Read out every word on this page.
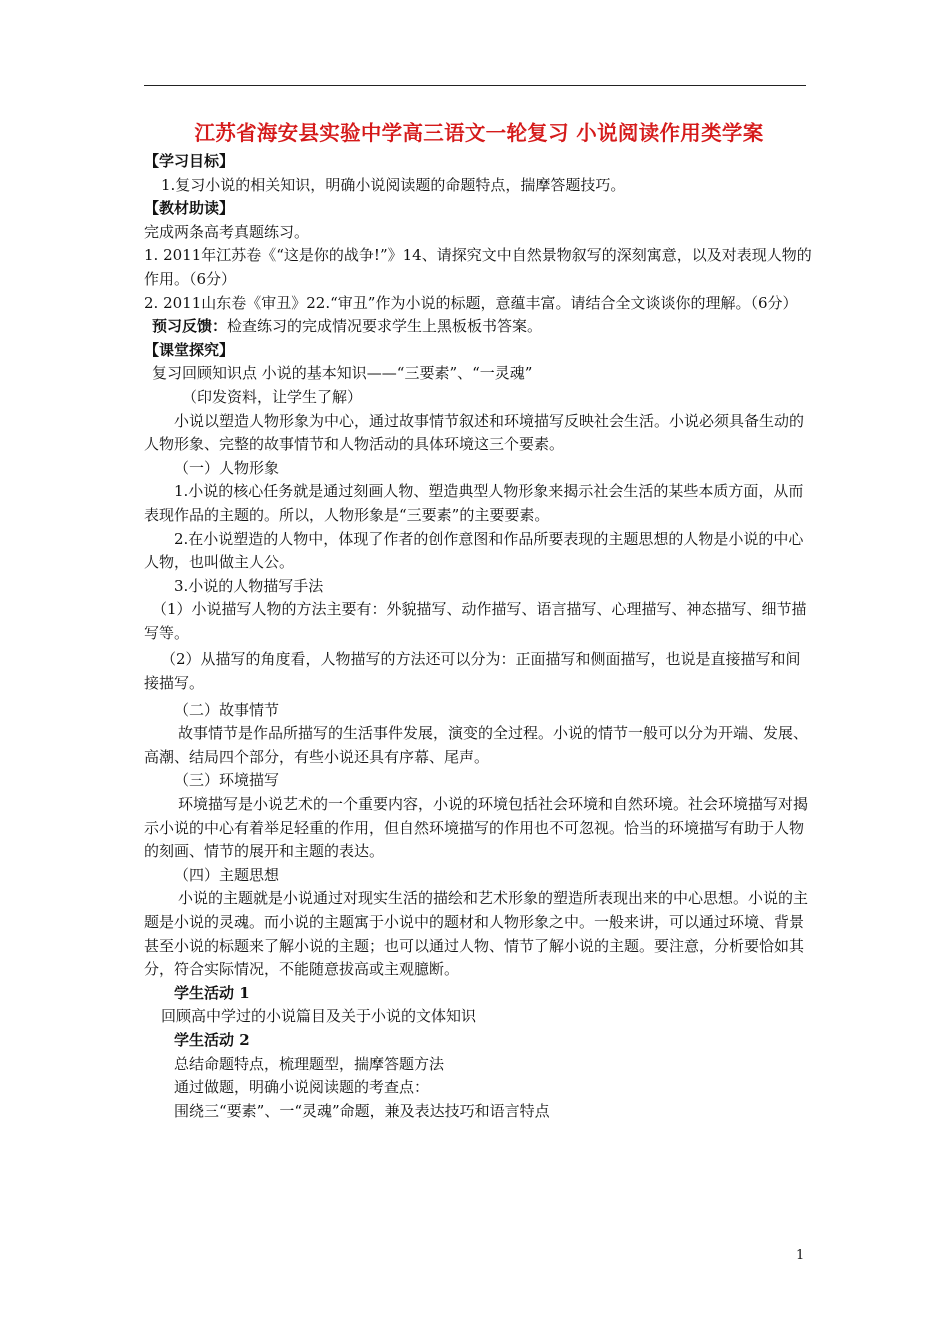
江苏省海安县实验中学高三语文一轮复习 小说阅读作用类学案

【学习目标】

1.复习小说的相关知识，明确小说阅读题的命题特点，揣摩答题技巧。

【教材助读】

完成两条高考真题练习。

1. 2011年江苏卷《“这是你的战争!”》14、请探究文中自然景物叙写的深刻寓意，以及对表现人物的作用。（6分）

2. 2011山东卷《审丑》22.“审丑”作为小说的标题，意蕴丰富。请结合全文谈谈你的理解。（6分）

预习反馈：检查练习的完成情况要求学生上黑板板书答案。

【课堂探究】

复习回顾知识点 小说的基本知识——“三要素”、“一灵魂”

（印发资料，让学生了解）

小说以塑造人物形象为中心，通过故事情节叙述和环境描写反映社会生活。小说必须具备生动的人物形象、完整的故事情节和人物活动的具体环境这三个要素。

（一）人物形象

1.小说的核心任务就是通过刻画人物、塑造典型人物形象来揭示社会生活的某些本质方面，从而表现作品的主题的。所以，人物形象是“三要素”的主要要素。

2.在小说塑造的人物中，体现了作者的创作意图和作品所要表现的主题思想的人物是小说的中心人物，也叫做主人公。

3.小说的人物描写手法

（1）小说描写人物的方法主要有：外貌描写、动作描写、语言描写、心理描写、神态描写、细节描写等。

（2）从描写的角度看，人物描写的方法还可以分为：正面描写和侧面描写，也说是直接描写和间接描写。

（二）故事情节

故事情节是作品所描写的生活事件发展，演变的全过程。小说的情节一般可以分为开端、发展、高潮、结局四个部分，有些小说还具有序幕、尾声。

（三）环境描写

环境描写是小说艺术的一个重要内容，小说的环境包括社会环境和自然环境。社会环境描写对揭示小说的中心有着举足轻重的作用，但自然环境描写的作用也不可忽视。恰当的环境描写有助于人物的刻画、情节的展开和主题的表达。

（四）主题思想

小说的主题就是小说通过对现实生活的描绘和艺术形象的塑造所表现出来的中心思想。小说的主题是小说的灵魂。而小说的主题寓于小说中的题材和人物形象之中。一般来讲，可以通过环境、背景甚至小说的标题来了解小说的主题；也可以通过人物、情节了解小说的主题。要注意，分析要恰如其分，符合实际情况，不能随意拔高或主观臆断。

学生活动 1

回顾高中学过的小说篇目及关于小说的文体知识

学生活动 2

总结命题特点，梳理题型，揣摩答题方法

通过做题，明确小说阅读题的考查点：

围绕三“要素”、一“灵魂”命题，兼及表达技巧和语言特点

1
